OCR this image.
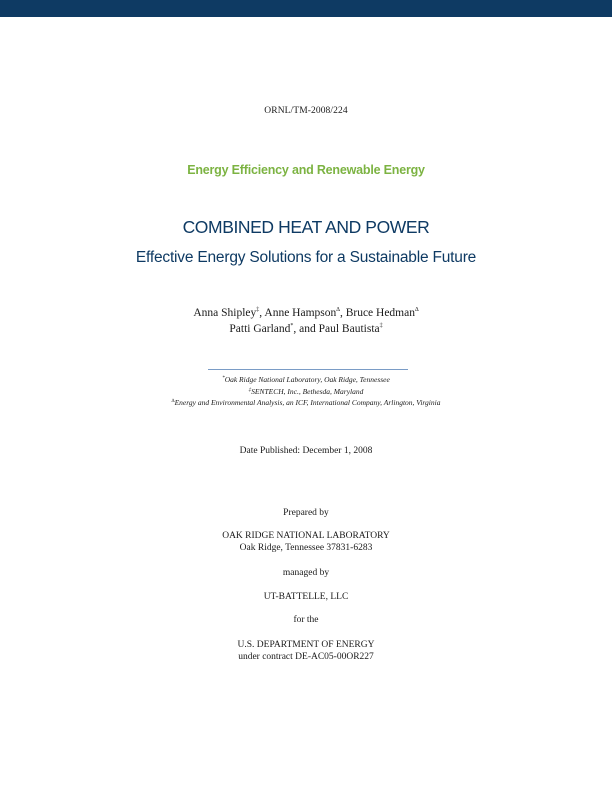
ORNL/TM-2008/224
Energy Efficiency and Renewable Energy
COMBINED HEAT AND POWER
Effective Energy Solutions for a Sustainable Future
Anna Shipley‡, Anne Hampson∆, Bruce Hedman∆
Patti Garland*, and Paul Bautista‡
*Oak Ridge National Laboratory, Oak Ridge, Tennessee
‡SENTECH, Inc., Bethesda, Maryland
∆Energy and Environmental Analysis, an ICF, International Company, Arlington, Virginia
Date Published: December 1, 2008
Prepared by
OAK RIDGE NATIONAL LABORATORY
Oak Ridge, Tennessee 37831-6283
managed by
UT-BATTELLE, LLC
for the
U.S. DEPARTMENT OF ENERGY
under contract DE-AC05-00OR227
